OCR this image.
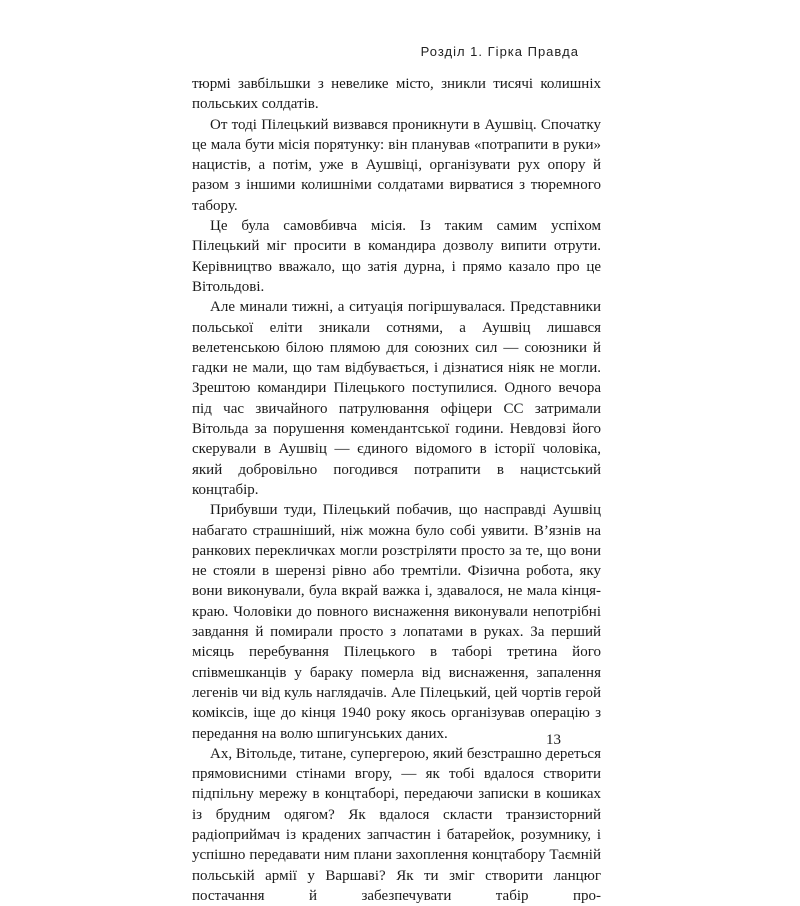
Розділ 1. Гірка Правда

тюрмі завбільшки з невелике місто, зникли тисячі колишніх польських солдатів.

От тоді Пілецький визвався проникнути в Аушвіц. Спочатку це мала бути місія порятунку: він планував «потрапити в руки» нацистів, а потім, уже в Аушвіці, організувати рух опору й разом з іншими колишніми солдатами вирватися з тюремного табору.

Це була самовбивча місія. Із таким самим успіхом Пілецький міг просити в командира дозволу випити отрути. Керівництво вважало, що затія дурна, і прямо казало про це Вітольдові.

Але минали тижні, а ситуація погіршувалася. Представники польської еліти зникали сотнями, а Аушвіц лишався велетенською білою плямою для союзних сил — союзники й гадки не мали, що там відбувається, і дізнатися ніяк не могли. Зрештою командири Пілецького поступилися. Одного вечора під час звичайного патрулювання офіцери СС затримали Вітольда за порушення комендантської години. Невдовзі його скерували в Аушвіц — єдиного відомого в історії чоловіка, який добровільно погодився потрапити в нацистський концтабір.

Прибувши туди, Пілецький побачив, що насправді Аушвіц набагато страшніший, ніж можна було собі уявити. В’язнів на ранкових перекличках могли розстріляти просто за те, що вони не стояли в шерензі рівно або тремтіли. Фізична робота, яку вони виконували, була вкрай важка і, здавалося, не мала кінця-краю. Чоловіки до повного виснаження виконували непотрібні завдання й помирали просто з лопатами в руках. За перший місяць перебування Пілецького в таборі третина його співмешканців у бараку померла від виснаження, запалення легенів чи від куль наглядачів. Але Пілецький, цей чортів герой коміксів, іще до кінця 1940 року якось організував операцію з передання на волю шпигунських даних.

Ах, Вітольде, титане, супергерою, який безстрашно дереться прямовисними стінами вгору, — як тобі вдалося створити підпільну мережу в концтаборі, передаючи записки в кошиках із брудним одягом? Як вдалося скласти транзисторний радіоприймач із крадених запчастин і батарейок, розумнику, і успішно передавати ним плани захоплення концтабору Таємній польській армії у Варшаві? Як ти зміг створити ланцюг постачання й забезпечувати табір про-

13
